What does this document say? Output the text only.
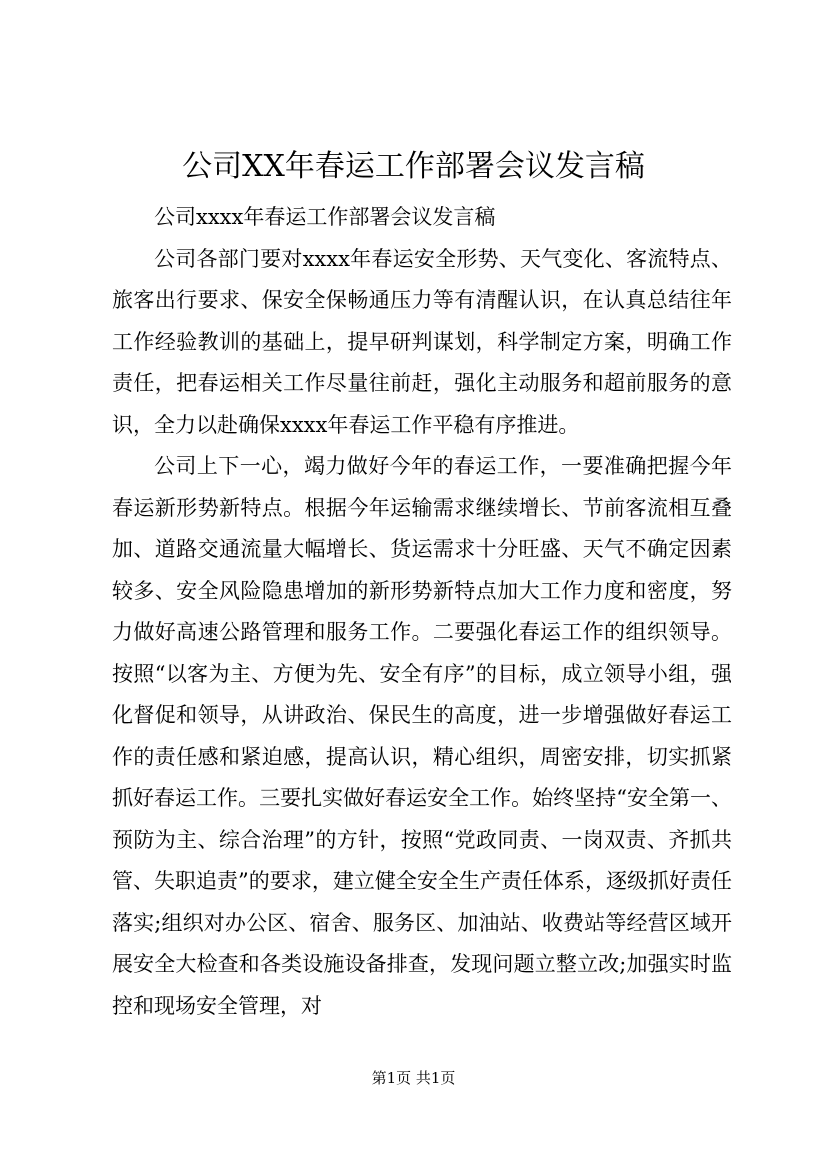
公司XX年春运工作部署会议发言稿

公司xxxx年春运工作部署会议发言稿

公司各部门要对xxxx年春运安全形势、天气变化、客流特点、旅客出行要求、保安全保畅通压力等有清醒认识，在认真总结往年工作经验教训的基础上，提早研判谋划，科学制定方案，明确工作责任，把春运相关工作尽量往前赶，强化主动服务和超前服务的意识，全力以赴确保xxxx年春运工作平稳有序推进。

公司上下一心，竭力做好今年的春运工作，一要准确把握今年春运新形势新特点。根据今年运输需求继续增长、节前客流相互叠加、道路交通流量大幅增长、货运需求十分旺盛、天气不确定因素较多、安全风险隐患增加的新形势新特点加大工作力度和密度，努力做好高速公路管理和服务工作。二要强化春运工作的组织领导。按照“以客为主、方便为先、安全有序”的目标，成立领导小组，强化督促和领导，从讲政治、保民生的高度，进一步增强做好春运工作的责任感和紧迫感，提高认识，精心组织，周密安排，切实抓紧抓好春运工作。三要扎实做好春运安全工作。始终坚持“安全第一、预防为主、综合治理”的方针，按照“党政同责、一岗双责、齐抓共管、失职追责”的要求，建立健全安全生产责任体系，逐级抓好责任落实;组织对办公区、宿舍、服务区、加油站、收费站等经营区域开展安全大检查和各类设施设备排查，发现问题立整立改;加强实时监控和现场安全管理，对

第1页 共1页
